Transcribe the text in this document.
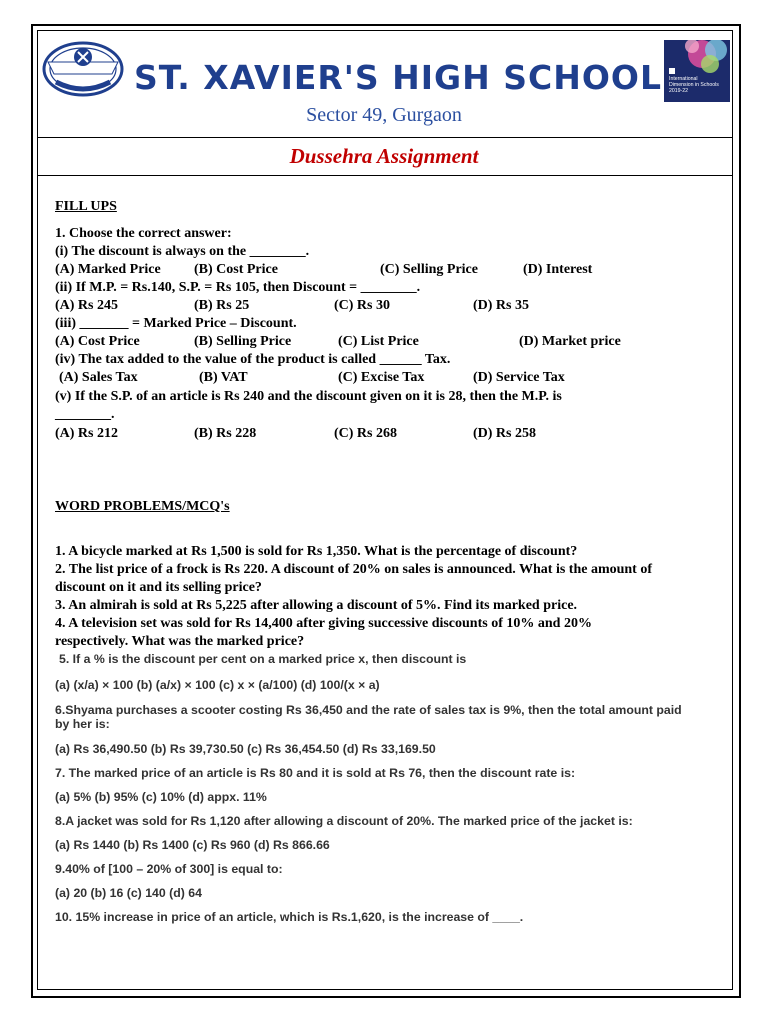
ST. XAVIER'S HIGH SCHOOL
Sector 49, Gurgaon
International
Dimension in Schools
2019-22
Dussehra Assignment
FILL UPS
1. Choose the correct answer:
(i) The discount is always on the ________.
(A) Marked Price (B) Cost Price	(C) Selling Price	(D) Interest
(ii) If M.P. = Rs.140, S.P. = Rs 105, then Discount = ________.
(A) Rs 245	(B) Rs 25	(C) Rs 30	(D) Rs 35
(iii) _______ = Marked Price – Discount.
(A) Cost Price	(B) Selling Price	(C) List Price	(D) Market price
(iv) The tax added to the value of the product is called ______ Tax.
(A) Sales Tax	(B) VAT	(C) Excise Tax	(D) Service Tax
(v) If the S.P. of an article is Rs 240 and the discount given on it is 28, then the M.P. is
________.
(A) Rs 212	(B) Rs 228	(C) Rs 268	(D) Rs 258
WORD PROBLEMS/MCQ's
1. A bicycle marked at Rs 1,500 is sold for Rs 1,350. What is the percentage of discount?
2. The list price of a frock is Rs 220. A discount of 20% on sales is announced. What is the amount of
discount on it and its selling price?
3. An almirah is sold at Rs 5,225 after allowing a discount of 5%. Find its marked price.
4. A television set was sold for Rs 14,400 after giving successive discounts of 10% and 20%
respectively. What was the marked price?
5. If a % is the discount per cent on a marked price x, then discount is
(a) (x/a) × 100 (b) (a/x) × 100 (c) x × (a/100) (d) 100/(x × a)
6.Shyama purchases a scooter costing Rs 36,450 and the rate of sales tax is 9%, then the total amount paid
by her is:
(a) Rs 36,490.50 (b) Rs 39,730.50 (c) Rs 36,454.50 (d) Rs 33,169.50
7. The marked price of an article is Rs 80 and it is sold at Rs 76, then the discount rate is:
(a) 5% (b) 95% (c) 10% (d) appx. 11%
8.A jacket was sold for Rs 1,120 after allowing a discount of 20%. The marked price of the jacket is:
(a) Rs 1440 (b) Rs 1400 (c) Rs 960 (d) Rs 866.66
9.40% of [100 – 20% of 300] is equal to:
(a) 20 (b) 16 (c) 140 (d) 64
10. 15% increase in price of an article, which is Rs.1,620, is the increase of ____.
